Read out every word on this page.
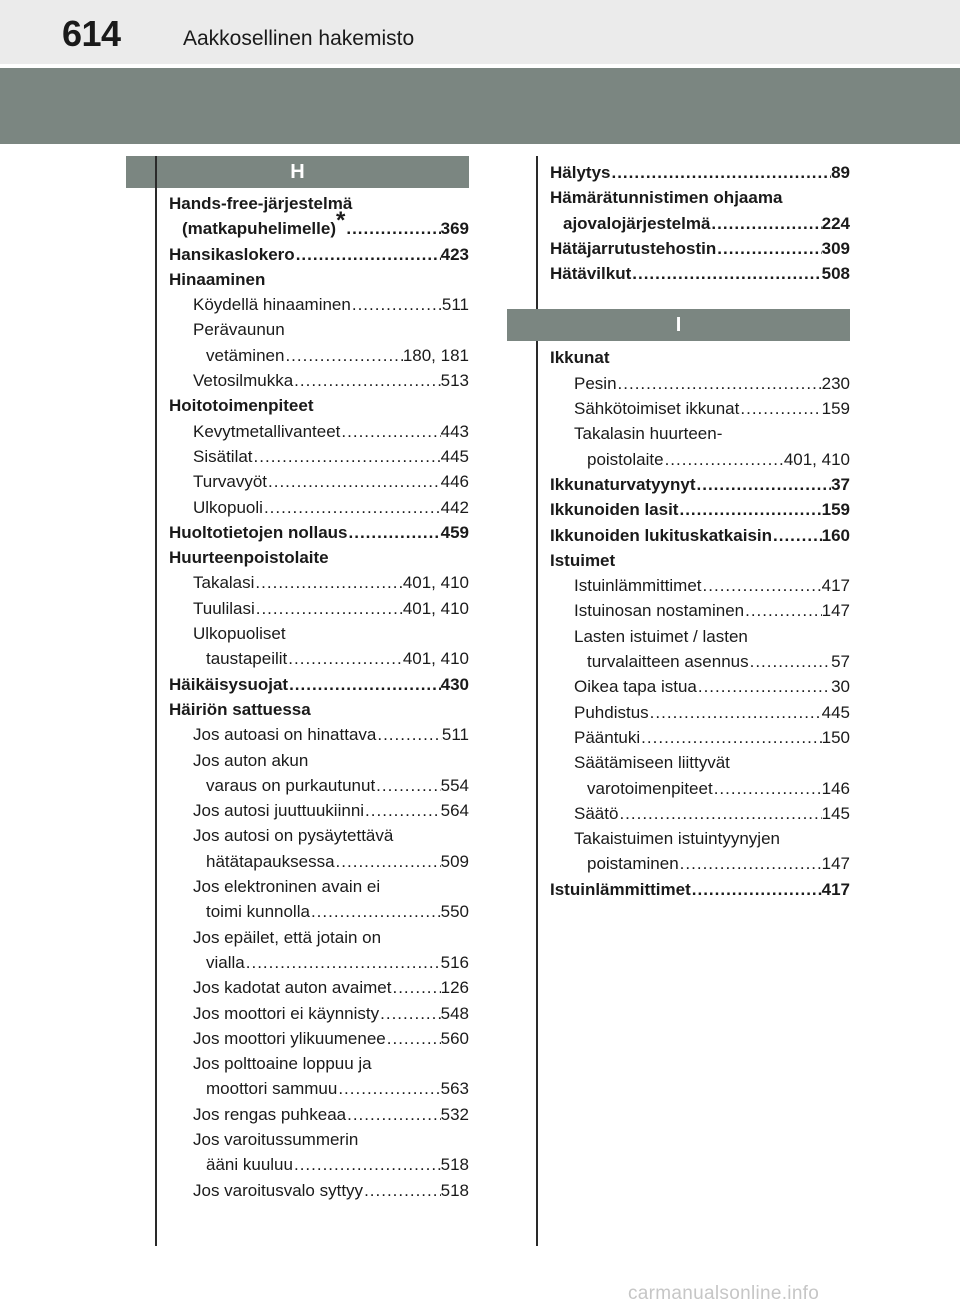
614	Aakkosellinen hakemisto
H
Hands-free-järjestelmä
(matkapuhelimelle)* .....	369
Hansikaslokero .....	423
Hinaaminen
Köydellä hinaaminen .....	511
Perävaunun
vetäminen .....	180, 181
Vetosilmukka .....	513
Hoitotoimenpiteet
Kevytmetallivanteet .....	443
Sisätilat .....	445
Turvavyöt .....	446
Ulkopuoli .....	442
Huoltotietojen nollaus .....	459
Huurteenpoistolaite
Takalasi .....	401, 410
Tuulilasi .....	401, 410
Ulkopuoliset
taustapeilit .....	401, 410
Häikäisysuojat .....	430
Häiriön sattuessa
Jos autoasi on hinattava .....	511
Jos auton akun
varaus on purkautunut .....	554
Jos autosi juuttuukiinni .....	564
Jos autosi on pysäytettävä
hätätapauksessa .....	509
Jos elektroninen avain ei
toimi kunnolla .....	550
Jos epäilet, että jotain on
vialla .....	516
Jos kadotat auton avaimet .....	126
Jos moottori ei käynnisty .....	548
Jos moottori ylikuumenee .....	560
Jos polttoaine loppuu ja
moottori sammuu .....	563
Jos rengas puhkeaa .....	532
Jos varoitussummerin
ääni kuuluu .....	518
Jos varoitusvalo syttyy .....	518
Hälytys .....	89
Hämärätunnistimen ohjaama
ajovalojärjestelmä .....	224
Hätäjarrutustehostin .....	309
Hätävilkut .....	508
I
Ikkunat
Pesin .....	230
Sähkötoimiset ikkunat .....	159
Takalasin huurteen-
poistolaite .....	401, 410
Ikkunaturvatyynyt .....	37
Ikkunoiden lasit .....	159
Ikkunoiden lukituskatkaisin .....	160
Istuimet
Istuinlämmittimet .....	417
Istuinosan nostaminen .....	147
Lasten istuimet / lasten
turvalaitteen asennus .....	57
Oikea tapa istua .....	30
Puhdistus .....	445
Pääntuki .....	150
Säätämiseen liittyvät
varotoimenpiteet .....	146
Säätö .....	145
Takaistuimen istuintyynyjen
poistaminen .....	147
Istuinlämmittimet .....	417
carmanualsonline.info
